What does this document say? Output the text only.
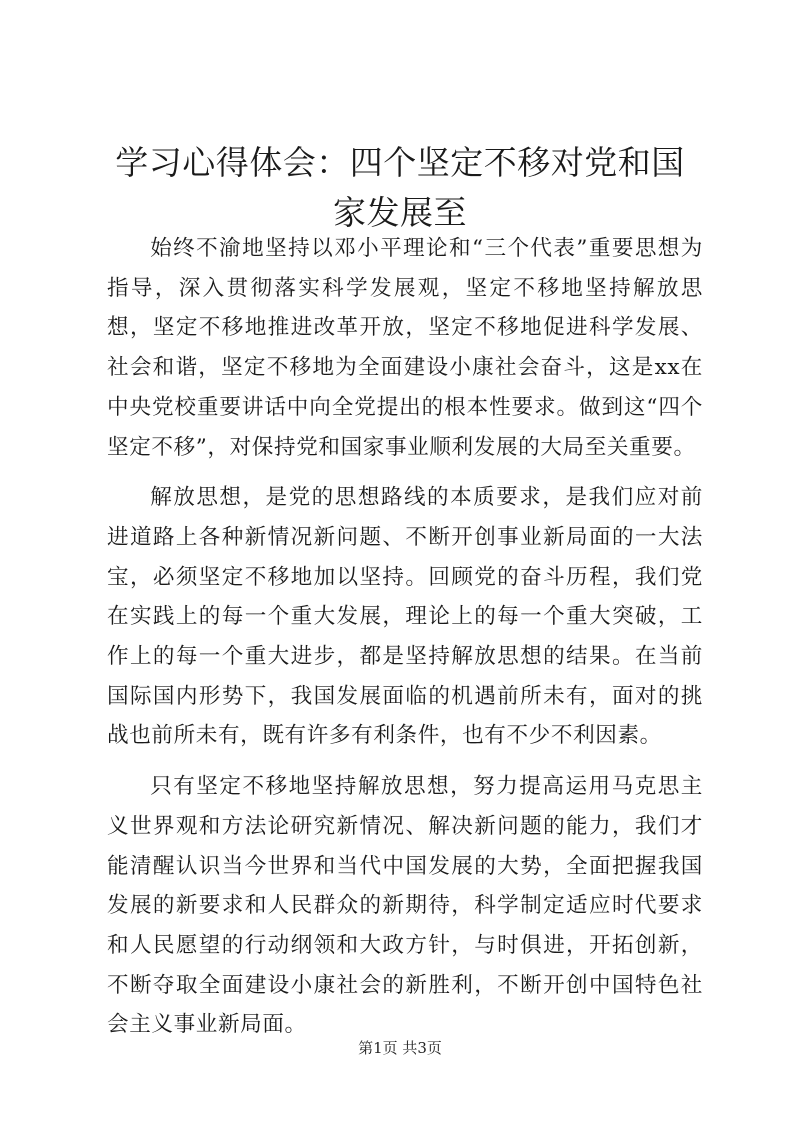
学习心得体会：四个坚定不移对党和国家发展至

始终不渝地坚持以邓小平理论和“三个代表”重要思想为指导，深入贯彻落实科学发展观，坚定不移地坚持解放思想，坚定不移地推进改革开放，坚定不移地促进科学发展、社会和谐，坚定不移地为全面建设小康社会奋斗，这是xx在中央党校重要讲话中向全党提出的根本性要求。做到这“四个坚定不移”，对保持党和国家事业顺利发展的大局至关重要。

解放思想，是党的思想路线的本质要求，是我们应对前进道路上各种新情况新问题、不断开创事业新局面的一大法宝，必须坚定不移地加以坚持。回顾党的奋斗历程，我们党在实践上的每一个重大发展，理论上的每一个重大突破，工作上的每一个重大进步，都是坚持解放思想的结果。在当前国际国内形势下，我国发展面临的机遇前所未有，面对的挑战也前所未有，既有许多有利条件，也有不少不利因素。

只有坚定不移地坚持解放思想，努力提高运用马克思主义世界观和方法论研究新情况、解决新问题的能力，我们才能清醒认识当今世界和当代中国发展的大势，全面把握我国发展的新要求和人民群众的新期待，科学制定适应时代要求和人民愿望的行动纲领和大政方针，与时俱进，开拓创新，不断夺取全面建设小康社会的新胜利，不断开创中国特色社会主义事业新局面。

第1页 共3页
